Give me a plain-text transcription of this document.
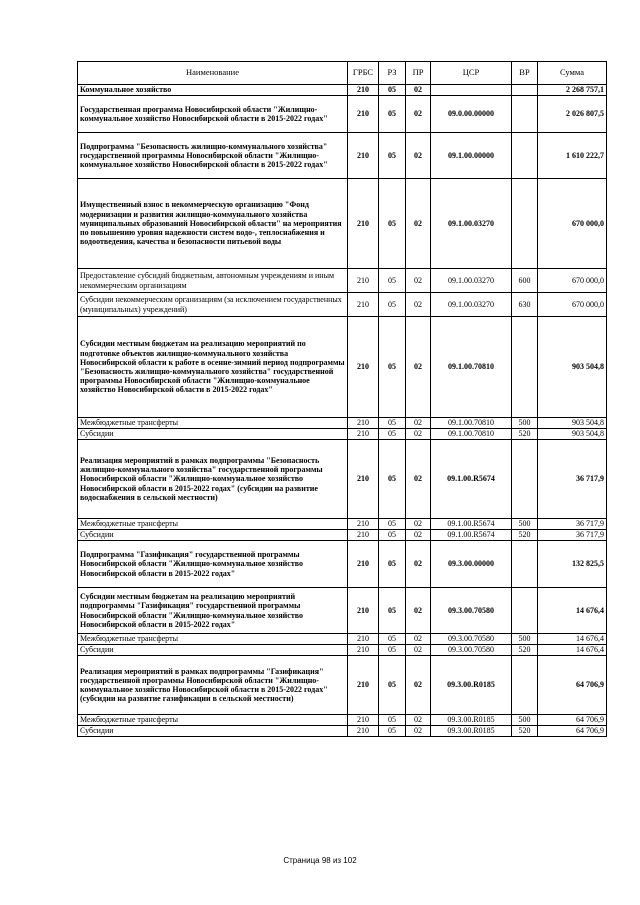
Наименование	ГРБС	РЗ	ПР	ЦСР	ВР	Сумма
Коммунальное хозяйство	210	05	02			2 268 757,1
Государственная программа Новосибирской области "Жилищно-коммунальное хозяйство Новосибирской области в 2015-2022 годах"	210	05	02	09.0.00.00000		2 026 807,5
Подпрограмма "Безопасность жилищно-коммунального хозяйства" государственной программы Новосибирской области "Жилищно-коммунальное хозяйство Новосибирской области в 2015-2022 годах"	210	05	02	09.1.00.00000		1 610 222,7
Имущественный взнос в некоммерческую организацию "Фонд модернизации и развития жилищно-коммунального хозяйства муниципальных образований Новосибирской области" на мероприятия по повышению уровня надежности систем водо-, теплоснабжения и водоотведения, качества и безопасности питьевой воды	210	05	02	09.1.00.03270		670 000,0
Предоставление субсидий бюджетным, автономным учреждениям и иным некоммерческим организациям	210	05	02	09.1.00.03270	600	670 000,0
Субсидии некоммерческим организациям (за исключением государственных (муниципальных) учреждений)	210	05	02	09.1.00.03270	630	670 000,0
Субсидии местным бюджетам на реализацию мероприятий по подготовке объектов жилищно-коммунального хозяйства Новосибирской области к работе в осенне-зимний период подпрограммы "Безопасность жилищно-коммунального хозяйства" государственной программы Новосибирской области "Жилищно-коммунальное хозяйство Новосибирской области в 2015-2022 годах"	210	05	02	09.1.00.70810		903 504,8
Межбюджетные трансферты	210	05	02	09.1.00.70810	500	903 504,8
Субсидии	210	05	02	09.1.00.70810	520	903 504,8
Реализация мероприятий в рамках подпрограммы "Безопасность жилищно-коммунального хозяйства" государственной программы Новосибирской области "Жилищно-коммунальное хозяйство Новосибирской области в 2015-2022 годах" (субсидии на развитие водоснабжения в сельской местности)	210	05	02	09.1.00.R5674		36 717,9
Межбюджетные трансферты	210	05	02	09.1.00.R5674	500	36 717,9
Субсидии	210	05	02	09.1.00.R5674	520	36 717,9
Подпрограмма "Газификация" государственной программы Новосибирской области "Жилищно-коммунальное хозяйство Новосибирской области в 2015-2022 годах"	210	05	02	09.3.00.00000		132 825,5
Субсидии местным бюджетам на реализацию мероприятий подпрограммы "Газификация" государственной программы Новосибирской области "Жилищно-коммунальное хозяйство Новосибирской области в 2015-2022 годах"	210	05	02	09.3.00.70580		14 676,4
Межбюджетные трансферты	210	05	02	09.3.00.70580	500	14 676,4
Субсидии	210	05	02	09.3.00.70580	520	14 676,4
Реализация мероприятий в рамках подпрограммы "Газификация" государственной программы Новосибирской области "Жилищно-коммунальное хозяйство Новосибирской области в 2015-2022 годах" (субсидии на развитие газификации в сельской местности)	210	05	02	09.3.00.R0185		64 706,9
Межбюджетные трансферты	210	05	02	09.3.00.R0185	500	64 706,9
Субсидии	210	05	02	09.3.00.R0185	520	64 706,9
Страница 98 из 102
